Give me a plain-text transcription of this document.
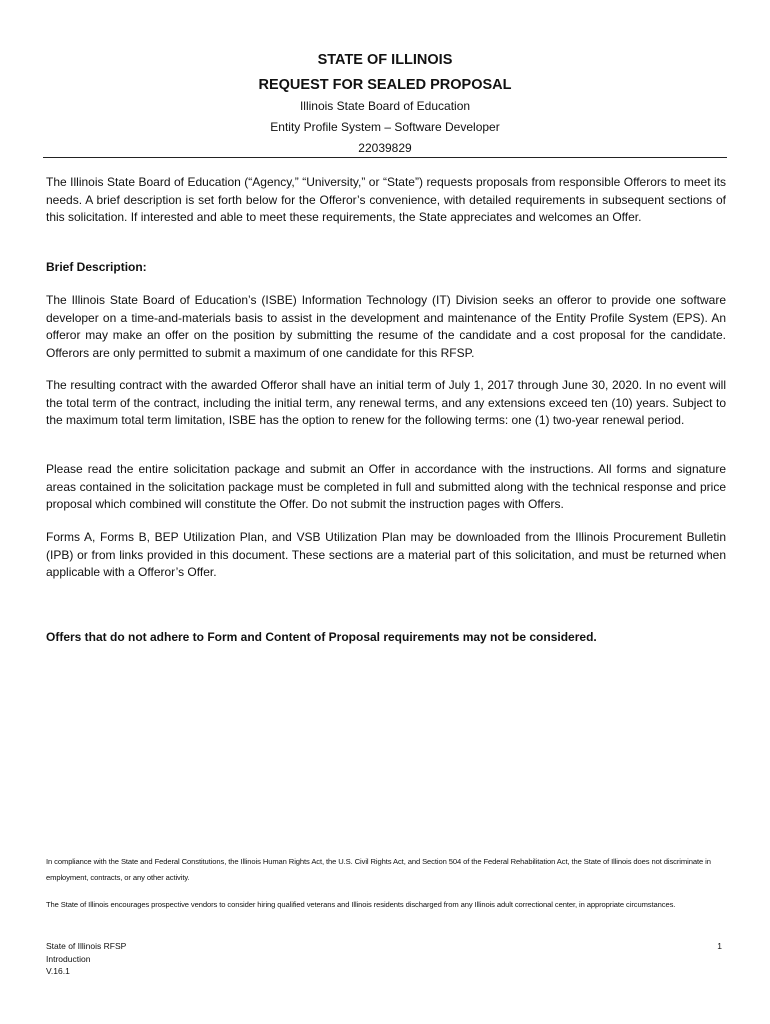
STATE OF ILLINOIS
REQUEST FOR SEALED PROPOSAL
Illinois State Board of Education
Entity Profile System – Software Developer
22039829

The Illinois State Board of Education (“Agency,” “University,” or “State”) requests proposals from responsible Offerors to meet its needs. A brief description is set forth below for the Offeror’s convenience, with detailed requirements in subsequent sections of this solicitation. If interested and able to meet these requirements, the State appreciates and welcomes an Offer.

Brief Description:

The Illinois State Board of Education’s (ISBE) Information Technology (IT) Division seeks an offeror to provide one software developer on a time-and-materials basis to assist in the development and maintenance of the Entity Profile System (EPS). An offeror may make an offer on the position by submitting the resume of the candidate and a cost proposal for the candidate. Offerors are only permitted to submit a maximum of one candidate for this RFSP.

The resulting contract with the awarded Offeror shall have an initial term of July 1, 2017 through June 30, 2020. In no event will the total term of the contract, including the initial term, any renewal terms, and any extensions exceed ten (10) years. Subject to the maximum total term limitation, ISBE has the option to renew for the following terms: one (1) two-year renewal period.

Please read the entire solicitation package and submit an Offer in accordance with the instructions. All forms and signature areas contained in the solicitation package must be completed in full and submitted along with the technical response and price proposal which combined will constitute the Offer. Do not submit the instruction pages with Offers.

Forms A, Forms B, BEP Utilization Plan, and VSB Utilization Plan may be downloaded from the Illinois Procurement Bulletin (IPB) or from links provided in this document. These sections are a material part of this solicitation, and must be returned when applicable with a Offeror’s Offer.

Offers that do not adhere to Form and Content of Proposal requirements may not be considered.

In compliance with the State and Federal Constitutions, the Illinois Human Rights Act, the U.S. Civil Rights Act, and Section 504 of the Federal Rehabilitation Act, the State of Illinois does not discriminate in employment, contracts, or any other activity.

The State of Illinois encourages prospective vendors to consider hiring qualified veterans and Illinois residents discharged from any Illinois adult correctional center, in appropriate circumstances.

State of Illinois RFSP
Introduction
V.16.1
1
